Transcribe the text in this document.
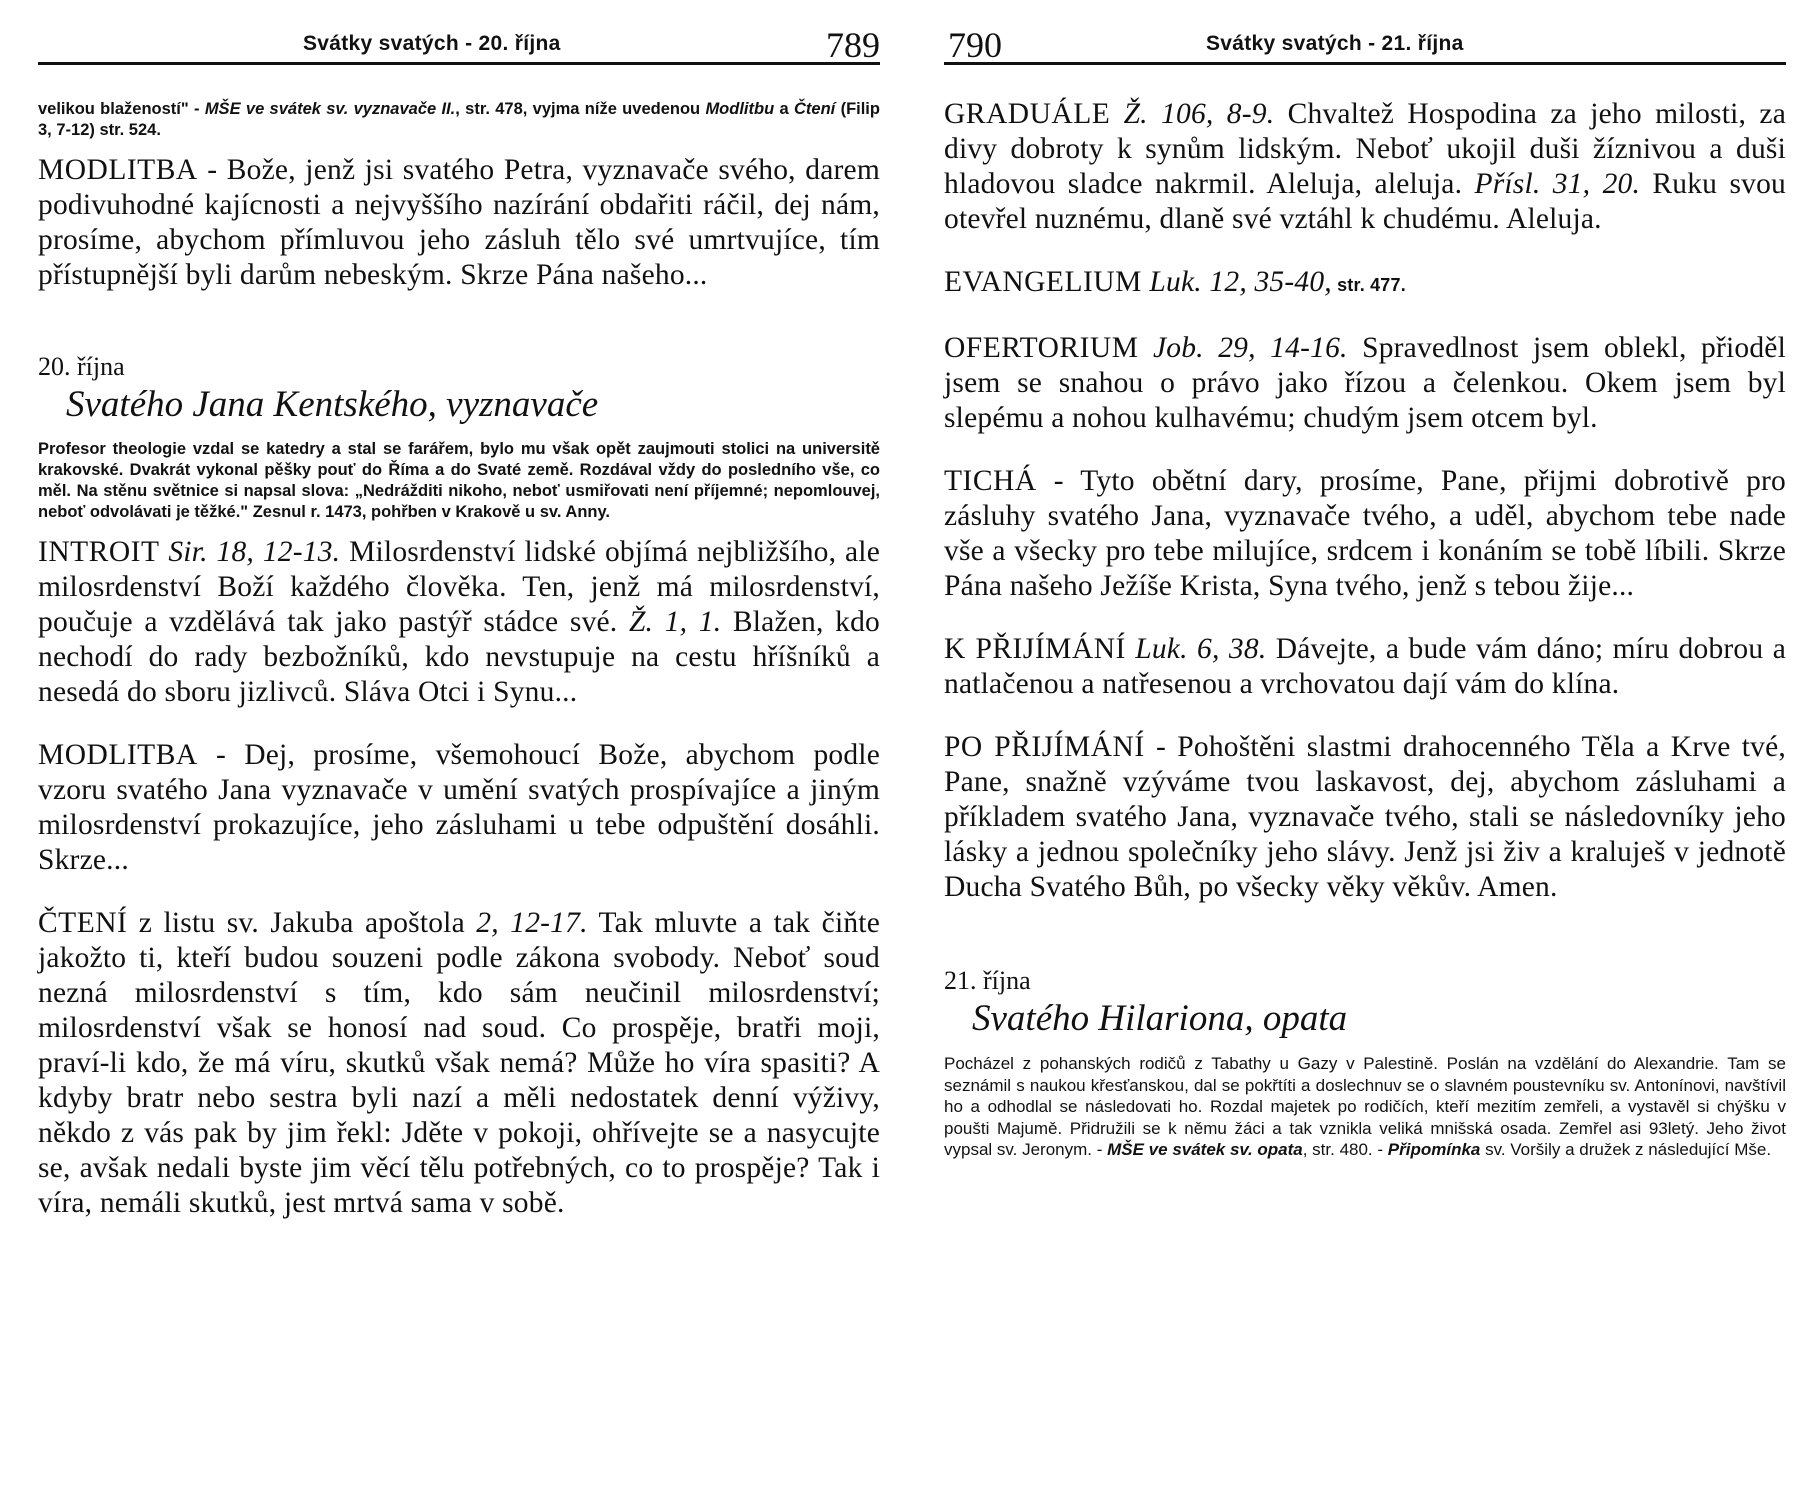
Svátky svatých - 20. října	789

velikou blažeností" - MŠE ve svátek sv. vyznavače II., str. 478, vyjma níže uvedenou Modlitbu a Čtení (Filip 3, 7-12) str. 524.

MODLITBA - Bože, jenž jsi svatého Petra, vyznavače svého, darem podivuhodné kajícnosti a nejvyššího nazírání obdařiti ráčil, dej nám, prosíme, abychom přímluvou jeho zásluh tělo své umrtvujíce, tím přístupnější byli darům nebeským. Skrze Pána našeho...

20. října

Svatého Jana Kentského, vyznavače

Profesor theologie vzdal se katedry a stal se farářem, bylo mu však opět zaujmouti stolici na universitě krakovské. Dvakrát vykonal pěšky pouť do Říma a do Svaté země. Rozdával vždy do posledního vše, co měl. Na stěnu světnice si napsal slova: „Nedrážditi nikoho, neboť usmiřovati není příjemné; nepomlouvej, neboť odvolávati je těžké." Zesnul r. 1473, pohřben v Krakově u sv. Anny.

INTROIT Sir. 18, 12-13. Milosrdenství lidské objímá nejbližšího, ale milosrdenství Boží každého člověka. Ten, jenž má milosrdenství, poučuje a vzdělává tak jako pastýř stádce své. Ž. 1, 1. Blažen, kdo nechodí do rady bezbožníků, kdo nevstupuje na cestu hříšníků a nesedá do sboru jizlivců. Sláva Otci i Synu...

MODLITBA - Dej, prosíme, všemohoucí Bože, abychom podle vzoru svatého Jana vyznavače v umění svatých prospívajíce a jiným milosrdenství prokazujíce, jeho zásluhami u tebe odpuštění dosáhli. Skrze...

ČTENÍ z listu sv. Jakuba apoštola 2, 12-17. Tak mluvte a tak čiňte jakožto ti, kteří budou souzeni podle zákona svobody. Neboť soud nezná milosrdenství s tím, kdo sám neučinil milosrdenství; milosrdenství však se honosí nad soud. Co prospěje, bratři moji, praví-li kdo, že má víru, skutků však nemá? Může ho víra spasiti? A kdyby bratr nebo sestra byli nazí a měli nedostatek denní výživy, někdo z vás pak by jim řekl: Jděte v pokoji, ohřívejte se a nasycujte se, avšak nedali byste jim věcí tělu potřebných, co to prospěje? Tak i víra, nemáli skutků, jest mrtvá sama v sobě.

790	Svátky svatých - 21. října

GRADUÁLE Ž. 106, 8-9. Chvaltež Hospodina za jeho milosti, za divy dobroty k synům lidským. Neboť ukojil duši žíznivou a duši hladovou sladce nakrmil. Aleluja, aleluja. Přísl. 31, 20. Ruku svou otevřel nuznému, dlaně své vztáhl k chudému. Aleluja.

EVANGELIUM Luk. 12, 35-40, str. 477.

OFERTORIUM Job. 29, 14-16. Spravedlnost jsem oblekl, přioděl jsem se snahou o právo jako řízou a čelenkou. Okem jsem byl slepému a nohou kulhavému; chudým jsem otcem byl.

TICHÁ - Tyto obětní dary, prosíme, Pane, přijmi dobrotivě pro zásluhy svatého Jana, vyznavače tvého, a uděl, abychom tebe nade vše a všecky pro tebe milujíce, srdcem i konáním se tobě líbili. Skrze Pána našeho Ježíše Krista, Syna tvého, jenž s tebou žije...

K PŘIJÍMÁNÍ Luk. 6, 38. Dávejte, a bude vám dáno; míru dobrou a natlačenou a natřesenou a vrchovatou dají vám do klína.

PO PŘIJÍMÁNÍ - Pohoštěni slastmi drahocenného Těla a Krve tvé, Pane, snažně vzýváme tvou laskavost, dej, abychom zásluhami a příkladem svatého Jana, vyznavače tvého, stali se následovníky jeho lásky a jednou společníky jeho slávy. Jenž jsi živ a kraluješ v jednotě Ducha Svatého Bůh, po všecky věky věkův. Amen.

21. října

Svatého Hilariona, opata

Pocházel z pohanských rodičů z Tabathy u Gazy v Palestině. Poslán na vzdělání do Alexandrie. Tam se seznámil s naukou křesťanskou, dal se pokřtíti a doslechnuv se o slavném poustevníku sv. Antonínovi, navštívil ho a odhodlal se následovati ho. Rozdal majetek po rodičích, kteří mezitím zemřeli, a vystavěl si chýšku v poušti Majumě. Přidružili se k němu žáci a tak vznikla veliká mnišská osada. Zemřel asi 93letý. Jeho život vypsal sv. Jeronym. - MŠE ve svátek sv. opata, str. 480. - Připomínka sv. Voršily a družek z následující Mše.
